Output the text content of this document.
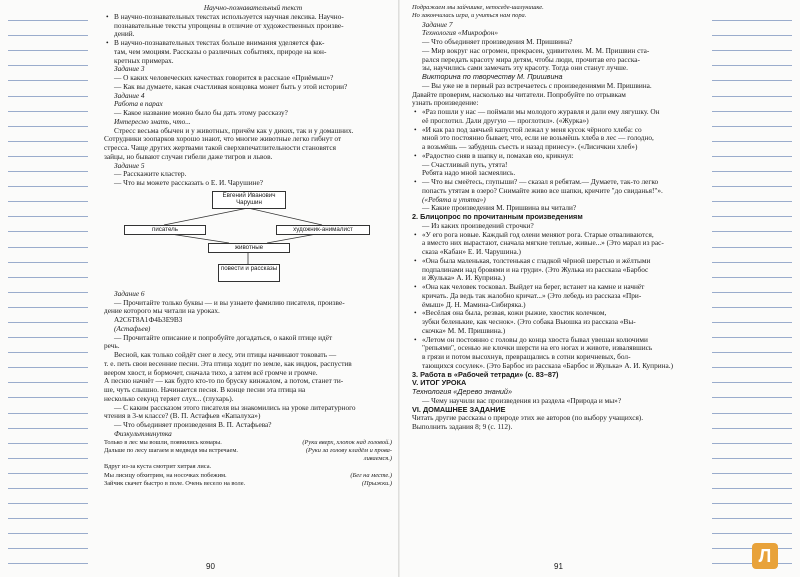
Научно-познавательный текст
• В научно-познавательных текстах используется научная лексика. Научно-
познавательные тексты упрощены в отличие от художественных произве-
дений.
• В научно-познавательных текстах больше внимания уделяется фак-
там, чем эмоциям. Рассказы о различных событиях, природе на кон-
кретных примерах.
Задание 3
— О каких человеческих качествах говорится в рассказе «Приёмыш»?
— Как вы думаете, какая счастливая концовка может быть у этой истории?
Задание 4
Работа в парах
— Какое название можно было бы дать этому рассказу?
Интересно знать, что...
Стресс весьма обычен и у животных, причём как у диких, так и у домашних.
Сотрудники зоопарков хорошо знают, что многие животные легко гибнут от
стресса. Чаще других жертвами такой сверхвпечатлительности становятся
зайцы, но бывают случаи гибели даже тигров и львов.
Задание 5
— Расскажите кластер.
— Что вы можете рассказать о Е. И. Чарушине?
Евгений Иванович Чарушин
писатель	художник-анималист
животные
повести и рассказы
Задание 6
— Прочитайте только буквы — и вы узнаете фамилию писателя, произве-
дение которого мы читали на уроках.
А2С6Т8А1Ф4Ь3Е9В3
(Астафьев)
— Прочитайте описание и попробуйте догадаться, о какой птице идёт
речь.
Весной, как только сойдёт снег в лесу, эти птицы начинают токовать —
т. е. петь свои весенние песни. Эта птица ходит по земле, как индюк, распустив
веером хвост, и бормочет, сначала тихо, а затем всё громче и громче.
А песню начнёт — как будто кто-то по бруску кинжалом, а потом, станет ти-
ше, чуть слышно. Начинается песня. В конце песни эта птица на
несколько секунд теряет слух... (глухарь).
— С каким рассказом этого писателя вы знакомились на уроке литературного
чтения в 3-м классе? (В. П. Астафьев «Капалуха»)
— Что объединяет произведения В. П. Астафьева?
Физкультминутка
Только в лес мы вошли, появились комары.	(Руки вверх, хлопок над головой.)
Дальше по лесу шагаем и медведя мы встречаем.	(Руки за голову кладём и прова-
ливаемся.)
Вдруг из-за куста смотрит хитрая лиса.
Мы лисицу обхитрим, на носочках побежим.	(Бег на месте.)
Зайчик скачет быстро в поле. Очень весело на воле.	(Прыжки.)
90
Подражаем мы зайчишке, непоседе-шалунишке.
Но закончилась игра, и учиться нам пора.
Задание 7
Технология «Микрофон»
— Что объединяет произведения М. Пришвина?
— Мир вокруг нас огромен, прекрасен, удивителен. М. М. Пришвин ста-
рался передать красоту мира детям, чтобы люди, прочитав его расска-
зы, научились сами замечать эту красоту. Тогда они станут лучше.
Викторина по творчеству М. Пришвина
— Вы уже не в первый раз встречаетесь с произведениями М. Пришвина.
Давайте проверим, насколько вы читатели. Попробуйте по отрывкам
узнать произведение:
• «Раз пошли у нас — поймали мы молодого журавля и дали ему лягушку. Он
её проглотил. Дали другую — проглотил». («Журка»)
• «И как раз под заячьей капустой лежал у меня кусок чёрного хлеба: со
мной это постоянно бывает, что, если не возьмёшь хлеба в лес — голодно,
а возьмёшь — забудешь съесть и назад принесу». («Лисичкин хлеб»)
• «Радостно сняв в шапку и, помахав ею, крикнул:
— Счастливый путь, утята!
Ребята надо мной засмеялись.
• — Что вы смеётесь, глупыши? — сказал я ребятам.— Думаете, так-то легко
попасть утятам в озеро? Снимайте живо все шапки, кричите "до свиданья!"».
(«Ребята и утята»)
— Какие произведения М. Пришвина вы читали?
2. Блицопрос по прочитанным произведениям
— Из каких произведений строчки?
• «У его рога новые. Каждый год олени меняют рога. Старые отваливаются,
а вместо них вырастают, сначала мягкие теплые, живые...» (Это марал из рас-
сказа «Кабан» Е. И. Чарушина.)
• «Она была маленькая, толстенькая с гладкой чёрной шерстью и жёлтыми
подпалинами над бровями и на груди». (Это Жулька из рассказа «Барбос
и Жулька» А. И. Куприна.)
• «Она как человек тосковал. Выйдет на берег, встанет на камне и начнёт
кричать. Да ведь так жалобно кричат...» (Это лебедь из рассказа «При-
ёмыш» Д. Н. Мамина-Сибиряка.)
• «Весёлая она была, резвая, кожи рыжие, хвостик колечком,
зубки беленькие, как чеснок». (Это собака Вьюшка из рассказа «Вы-
скочка» М. М. Пришвина.)
• «Летом он постоянно с головы до конца хвоста бывал увешан колючими
"репьями", осенью же клочки шерсти на его ногах и животе, извалявшись
в грязи и потом высохнув, превращались в сотни коричневых, бол-
тающихся сосулек». (Это Барбос из рассказа «Барбос и Жулька» А. И. Куприна.)
3. Работа в «Рабочей тетради» (с. 83–87)
V. ИТОГ УРОКА
Технология «Дерево знаний»
— Чему научили вас произведения из раздела «Природа и мы»?
VI. ДОМАШНЕЕ ЗАДАНИЕ
Читать другие рассказы о природе этих же авторов (по выбору учащихся).
Выполнить задания 8; 9 (с. 112).
91
Л
